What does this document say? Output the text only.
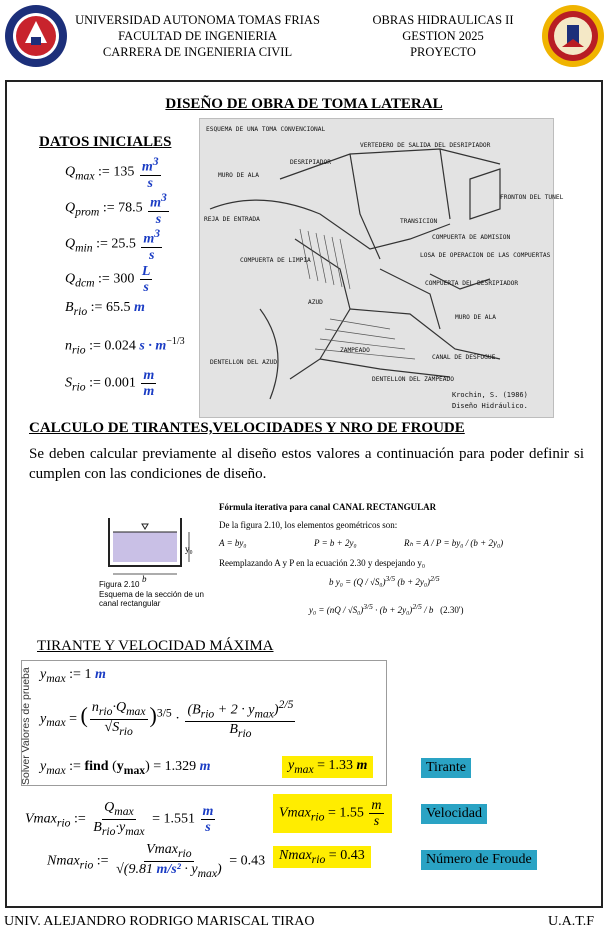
UNIVERSIDAD AUTONOMA TOMAS FRIAS
FACULTAD DE INGENIERIA
CARRERA DE INGENIERIA CIVIL
OBRAS HIDRAULICAS II
GESTION 2025
PROYECTO
DISEÑO DE OBRA DE TOMA LATERAL
DATOS INICIALES
$Q_{max}$ := $135 \frac{m^3}{s}$
$Q_{prom}$ := $78.5 \frac{m^3}{s}$
$Q_{min}$ := $25.5 \frac{m^3}{s}$
$Q_{dcm}$ := $300 \frac{L}{s}$
$B_{rio}$ := 65.5 m
$n_{rio}$ := 0.024 $s \cdot m^{-1/3}$
$S_{rio}$ := $0.001 \frac{m}{m}$
ESQUEMA DE UNA TOMA CONVENCIONAL
VERTEDERO DE SALIDA DEL DESRIPIADOR
DESRIPIADOR
MURO DE ALA
REJA DE ENTRADA	TRANSICION
COMPUERTA DE ADMISION
COMPUERTA DE LIMPIA
LOSA DE OPERACION DE LAS COMPUERTAS
COMPUERTA DEL DESRIPIADOR
AZUD
MURO DE ALA
DENTELLON DEL AZUD
ZAMPEADO
CANAL DE DESFOGUE
DENTELLON DEL ZAMPEADO
FRONTON DEL TUNEL
Krochin, S. (1986)
Diseño Hidráulico.
CALCULO DE TIRANTES,VELOCIDADES Y NRO DE FROUDE
Se deben calcular previamente al diseño estos valores a continuación para poder definir si cumplen con las condiciones de diseño.
y₀
b
Figura 2.10
Esquema de la sección de un
canal rectangular
Fórmula iterativa para canal CANAL RECTANGULAR
De la figura 2.10, los elementos geométricos son:
A = by₀	P = b + 2y₀	Rₕ = A / P = by₀ / (b + 2y₀)
Reemplazando A y P en la ecuación 2.30 y despejando y₀
b y₀ = (Q / √S₀)$^{3/5}$ $(b + 2y_0)^{2/5}$
$y_0 = (nQ / √S_0)^{3/5} \cdot (b + 2y_0)^{2/5} / b$   (2.30')
TIRANTE Y VELOCIDAD MÁXIMA
Solver Valores de prueba $y_{max}$ := 1 m
$y_{max}$ = ( $\frac{n_{rio}\cdot Q_{max}}{√S_{rio}} )^{3/5} \cdot \frac{(B_{rio} + 2 \cdot y_{max})^{2/5}}{B_{rio}}$
$y_{max}$ := find $(y_{max}) = 1.329$ m	$y_{max} = 1.33$ m	Tirante
Velocidad
Número de Froude
Vmax$_{rio}$ := $\frac{Q_{max}}{B_{rio}\cdot y_{max}} = 1.551 \frac{m}{s}$	$Vmax_{rio} = 1.55 \frac{m}{s}$
Nmax$_{rio}$ := $\frac{Vmax_{rio}}{√(9.81 m/s^2 \cdot y_{max})} = 0.43$ Nmax$_{rio}$ = 0.43
UNIV. ALEJANDRO RODRIGO MARISCAL TIRAO	U.A.T.F
